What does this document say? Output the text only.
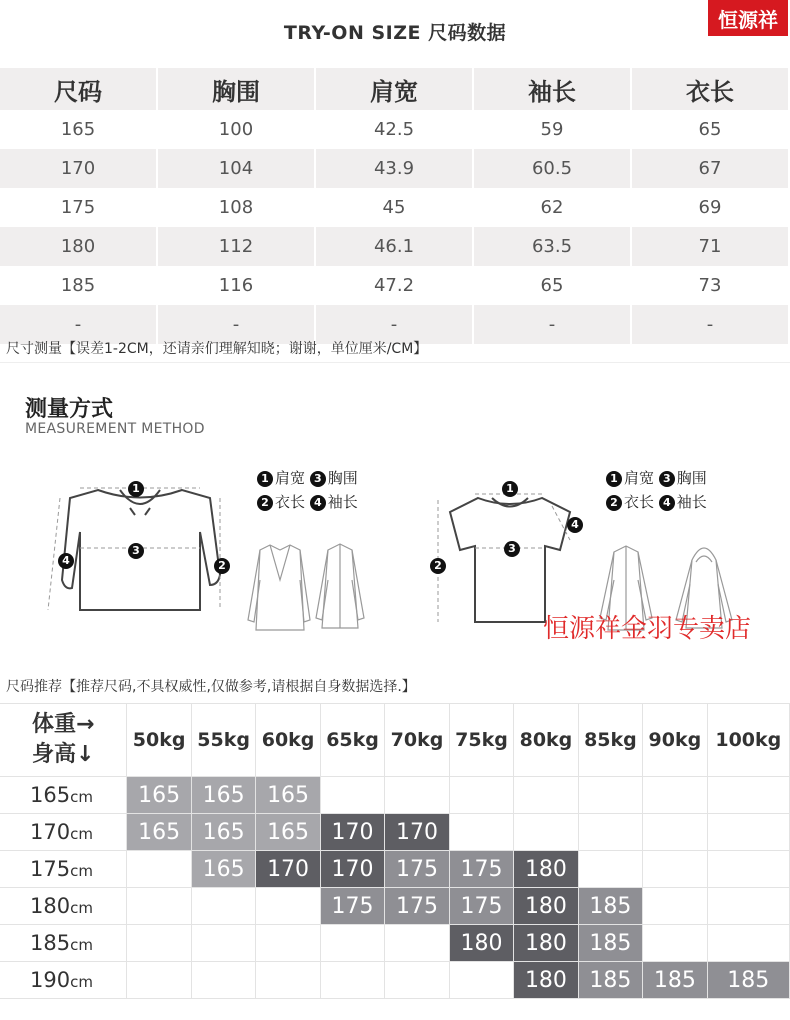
TRY-ON SIZE 尺码数据
恒源祥
尺码	胸围	肩宽	袖长	衣长
165	100	42.5	59	65
170	104	43.9	60.5	67
175	108	45	62	69
180	112	46.1	63.5	71
185	116	47.2	65	73
-	-	-	-	-
尺寸测量【误差1-2CM，还请亲们理解知晓；谢谢，单位厘米/CM】
测量方式
MEASUREMENT METHOD
4
1
3
2
1 肩宽 3 胸围
2 衣长 4 袖长
1
3
2
4
1 肩宽 3 胸围
2 衣长 4 袖长
恒源祥金羽专卖店
尺码推荐【推荐尺码,不具权威性,仅做参考,请根据自身数据选择.】
体重→
身高↓	50kg	55kg	60kg	65kg	70kg	75kg	80kg	85kg	90kg	100kg
165cm	165	165	165							
170cm	165	165	165	170	170					
175cm		165	170	170	175	175	180			
180cm				175	175	175	180	185		
185cm						180	180	185		
190cm							180	185	185	185
